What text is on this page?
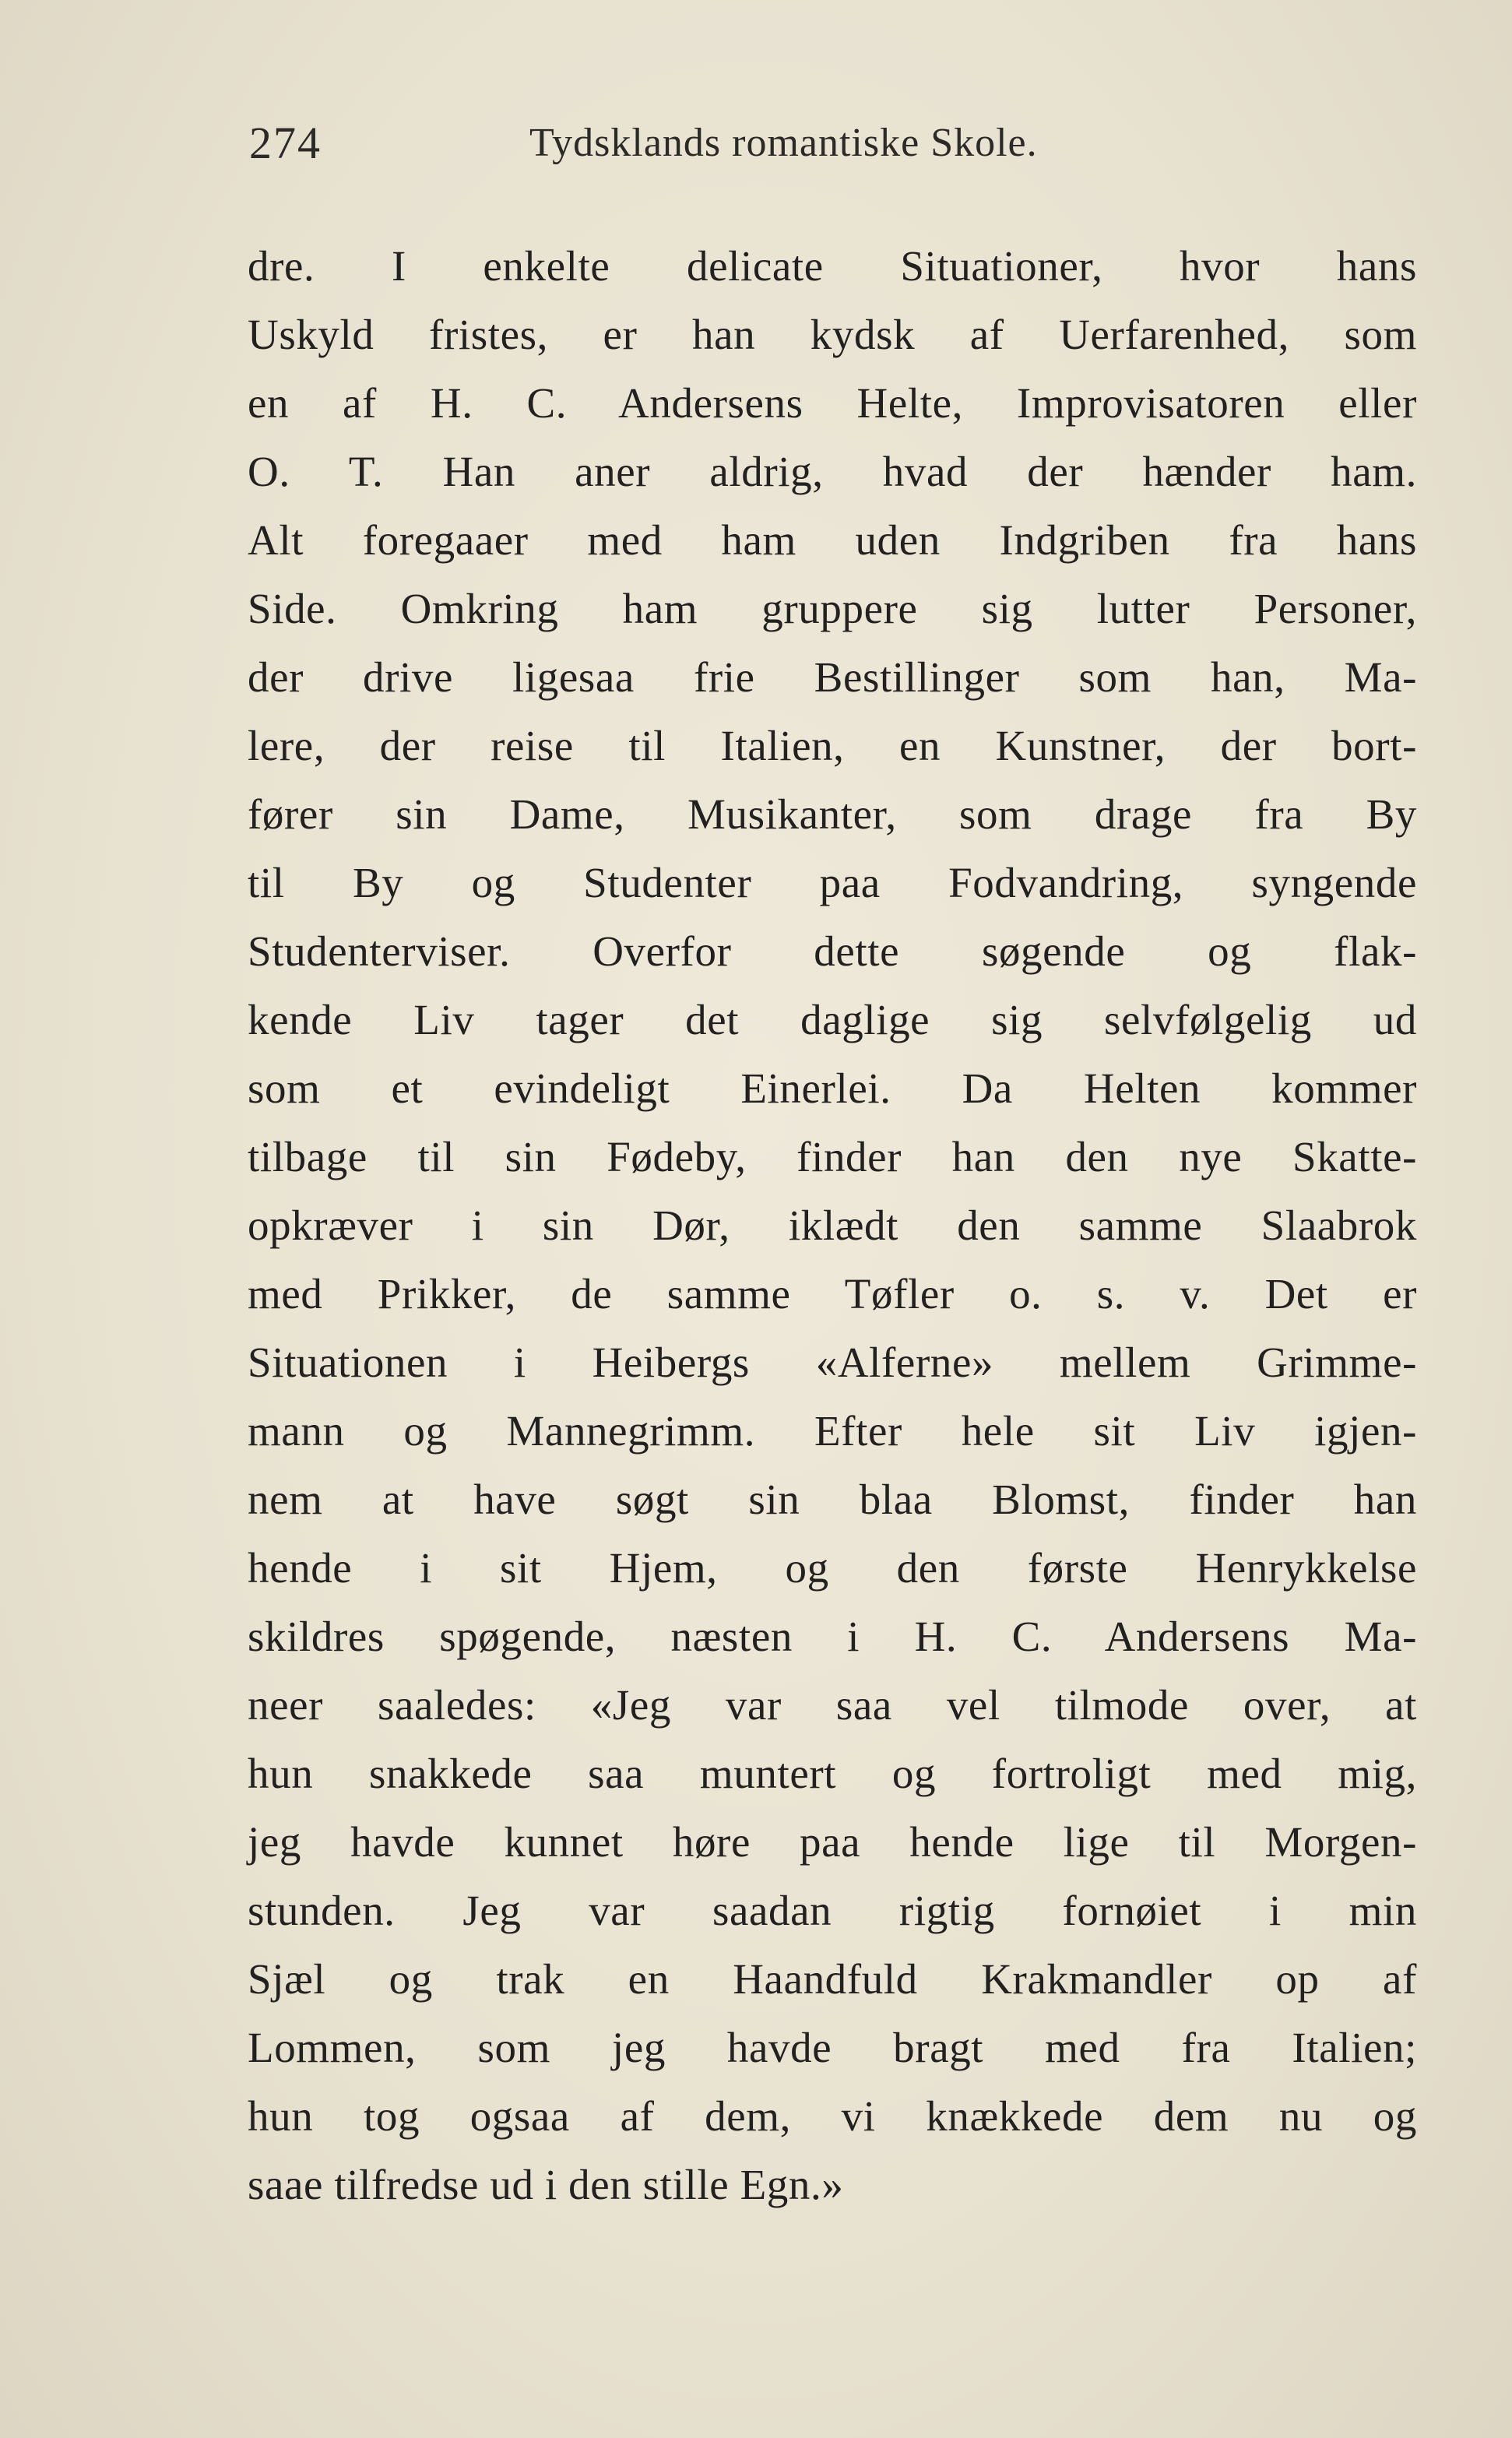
274	Tydsklands romantiske Skole.
dre. I enkelte delicate Situationer, hvor hans
Uskyld fristes, er han kydsk af Uerfarenhed, som
en af H. C. Andersens Helte, Improvisatoren eller
O. T. Han aner aldrig, hvad der hænder ham.
Alt foregaaer med ham uden Indgriben fra hans
Side. Omkring ham gruppere sig lutter Personer,
der drive ligesaa frie Bestillinger som han, Ma-
lere, der reise til Italien, en Kunstner, der bort-
fører sin Dame, Musikanter, som drage fra By
til By og Studenter paa Fodvandring, syngende
Studenterviser. Overfor dette søgende og flak-
kende Liv tager det daglige sig selvfølgelig ud
som et evindeligt Einerlei. Da Helten kommer
tilbage til sin Fødeby, finder han den nye Skatte-
opkræver i sin Dør, iklædt den samme Slaabrok
med Prikker, de samme Tøfler o. s. v. Det er
Situationen i Heibergs «Alferne» mellem Grimme-
mann og Mannegrimm. Efter hele sit Liv igjen-
nem at have søgt sin blaa Blomst, finder han
hende i sit Hjem, og den første Henrykkelse
skildres spøgende, næsten i H. C. Andersens Ma-
neer saaledes: «Jeg var saa vel tilmode over, at
hun snakkede saa muntert og fortroligt med mig,
jeg havde kunnet høre paa hende lige til Morgen-
stunden. Jeg var saadan rigtig fornøiet i min
Sjæl og trak en Haandfuld Krakmandler op af
Lommen, som jeg havde bragt med fra Italien;
hun tog ogsaa af dem, vi knækkede dem nu og
saae tilfredse ud i den stille Egn.»
